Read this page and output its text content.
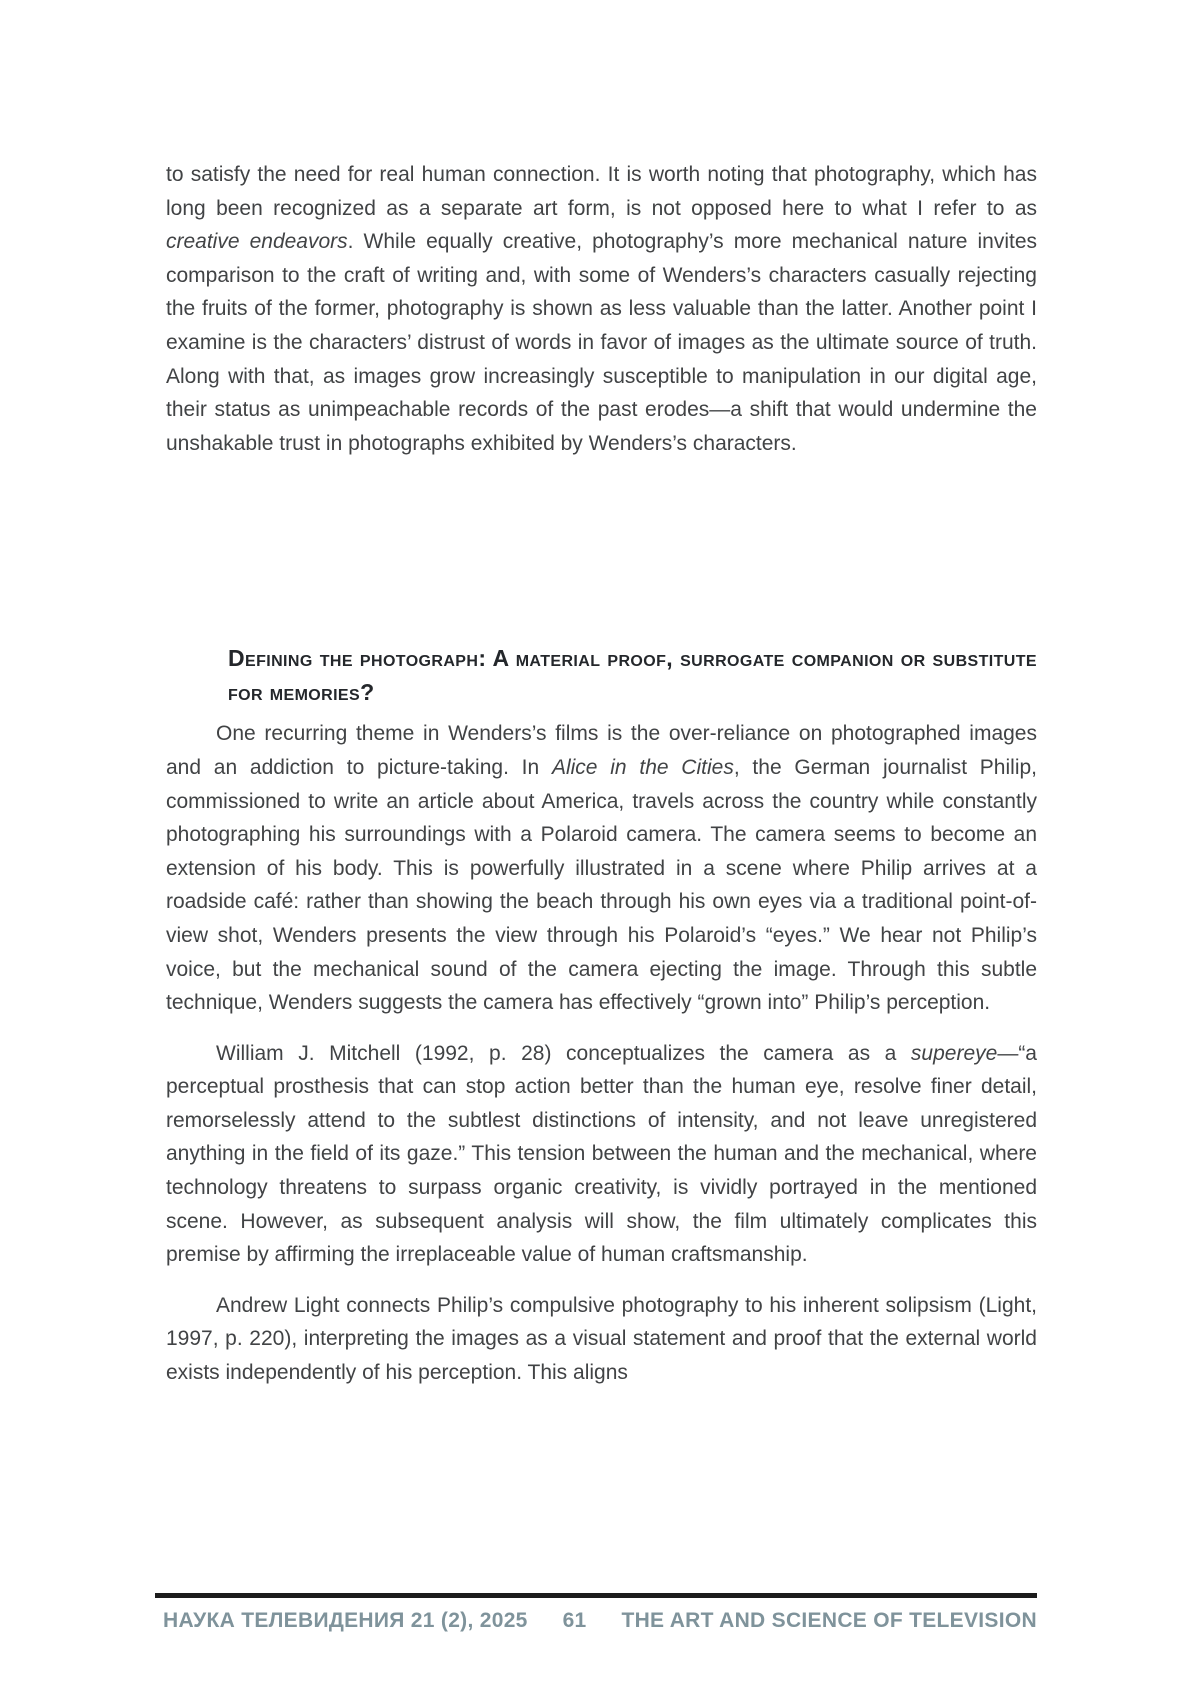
to satisfy the need for real human connection. It is worth noting that photography, which has long been recognized as a separate art form, is not opposed here to what I refer to as creative endeavors. While equally creative, photography’s more mechanical nature invites comparison to the craft of writing and, with some of Wenders’s characters casually rejecting the fruits of the former, photography is shown as less valuable than the latter. Another point I examine is the characters’ distrust of words in favor of images as the ultimate source of truth. Along with that, as images grow increasingly susceptible to manipulation in our digital age, their status as unimpeachable records of the past erodes—a shift that would undermine the unshakable trust in photographs exhibited by Wenders’s characters.

Defining the photograph: A material proof, surrogate companion or substitute for memories?

One recurring theme in Wenders’s films is the over-reliance on photographed images and an addiction to picture-taking. In Alice in the Cities, the German journalist Philip, commissioned to write an article about America, travels across the country while constantly photographing his surroundings with a Polaroid camera. The camera seems to become an extension of his body. This is powerfully illustrated in a scene where Philip arrives at a roadside café: rather than showing the beach through his own eyes via a traditional point-of-view shot, Wenders presents the view through his Polaroid’s “eyes.” We hear not Philip’s voice, but the mechanical sound of the camera ejecting the image. Through this subtle technique, Wenders suggests the camera has effectively “grown into” Philip’s perception.

William J. Mitchell (1992, p. 28) conceptualizes the camera as a supereye—“a perceptual prosthesis that can stop action better than the human eye, resolve finer detail, remorselessly attend to the subtlest distinctions of intensity, and not leave unregistered anything in the field of its gaze.” This tension between the human and the mechanical, where technology threatens to surpass organic creativity, is vividly portrayed in the mentioned scene. However, as subsequent analysis will show, the film ultimately complicates this premise by affirming the irreplaceable value of human craftsmanship.

Andrew Light connects Philip’s compulsive photography to his inherent solipsism (Light, 1997, p. 220), interpreting the images as a visual statement and proof that the external world exists independently of his perception. This aligns

НАУКА ТЕЛЕВИДЕНИЯ 21 (2), 2025 61 THE ART AND SCIENCE OF TELEVISION
